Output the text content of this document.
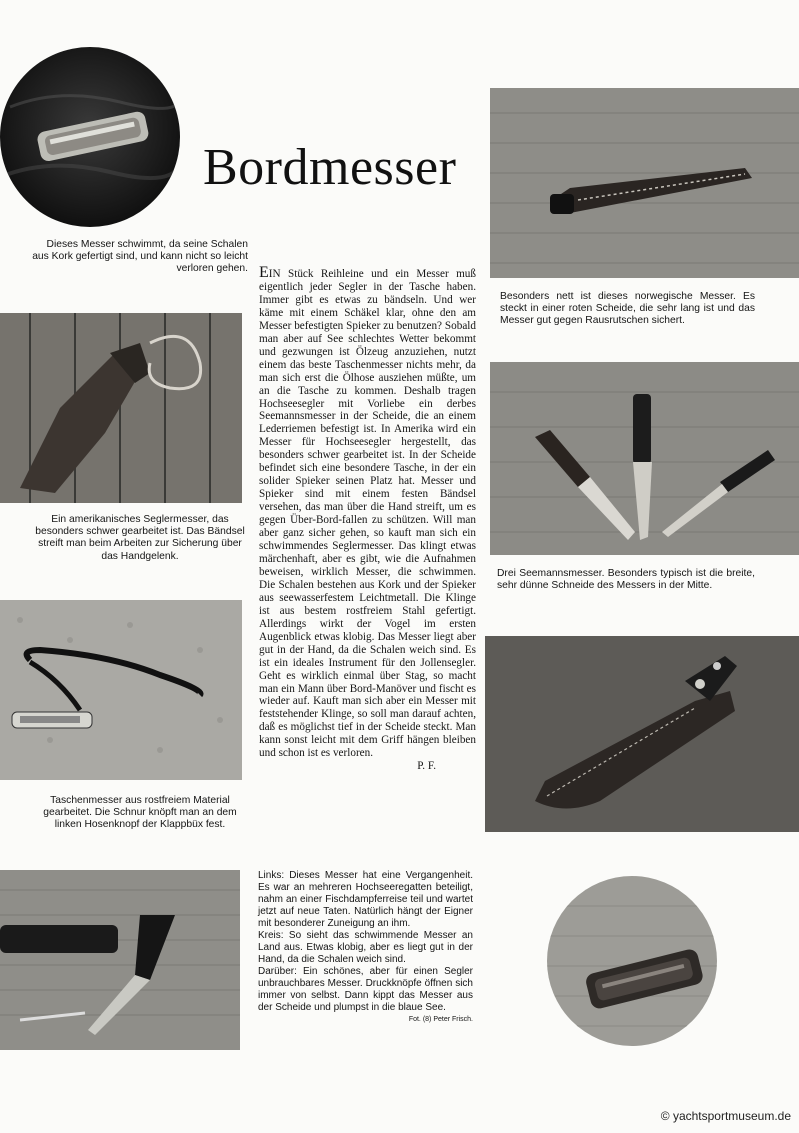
Bordmesser
Dieses Messer schwimmt, da seine Schalen aus Kork gefertigt sind, und kann nicht so leicht verloren gehen.
Ein amerikanisches Seglermesser, das besonders schwer gearbeitet ist. Das Bändsel streift man beim Arbeiten zur Sicherung über das Handgelenk.
Taschenmesser aus rostfreiem Material gearbeitet. Die Schnur knöpft man an dem linken Hosenknopf der Klappbüx fest.

EIN Stück Reihleine und ein Messer muß eigentlich jeder Segler in der Tasche haben. Immer gibt es etwas zu bändseln. Und wer käme mit einem Schäkel klar, ohne den am Messer befestigten Spieker zu benutzen? Sobald man aber auf See schlechtes Wetter bekommt und gezwungen ist Ölzeug anzuziehen, nutzt einem das beste Taschenmesser nichts mehr, da man sich erst die Ölhose ausziehen müßte, um an die Tasche zu kommen. Deshalb tragen Hochseesegler mit Vorliebe ein derbes Seemannsmesser in der Scheide, die an einem Lederriemen befestigt ist. In Amerika wird ein Messer für Hochseesegler hergestellt, das besonders schwer gearbeitet ist. In der Scheide befindet sich eine besondere Tasche, in der ein solider Spieker seinen Platz hat. Messer und Spieker sind mit einem festen Bändsel versehen, das man über die Hand streift, um es gegen Über-Bord-fallen zu schützen. Will man aber ganz sicher gehen, so kauft man sich ein schwimmendes Seglermesser. Das klingt etwas märchenhaft, aber es gibt, wie die Aufnahmen beweisen, wirklich Messer, die schwimmen. Die Schalen bestehen aus Kork und der Spieker aus seewasserfestem Leichtmetall. Die Klinge ist aus bestem rostfreiem Stahl gefertigt. Allerdings wirkt der Vogel im ersten Augenblick etwas klobig. Das Messer liegt aber gut in der Hand, da die Schalen weich sind. Es ist ein ideales Instrument für den Jollensegler. Geht es wirklich einmal über Stag, so macht man ein Mann über Bord-Manöver und fischt es wieder auf. Kauft man sich aber ein Messer mit feststehender Klinge, so soll man darauf achten, daß es möglichst tief in der Scheide steckt. Man kann sonst leicht mit dem Griff hängen bleiben und schon ist es verloren.

P. F.

Links: Dieses Messer hat eine Vergangenheit. Es war an mehreren Hochseeregatten beteiligt, nahm an einer Fischdampferreise teil und wartet jetzt auf neue Taten. Natürlich hängt der Eigner mit besonderer Zuneigung an ihm.

Kreis: So sieht das schwimmende Messer an Land aus. Etwas klobig, aber es liegt gut in der Hand, da die Schalen weich sind.

Darüber: Ein schönes, aber für einen Segler unbrauchbares Messer. Druckknöpfe öffnen sich immer von selbst. Dann kippt das Messer aus der Scheide und plumpst in die blaue See.

Fot. (8) Peter Frisch.

Besonders nett ist dieses norwegische Messer. Es steckt in einer roten Scheide, die sehr lang ist und das Messer gut gegen Rausrutschen sichert.
Drei Seemannsmesser. Besonders typisch ist die breite, sehr dünne Schneide des Messers in der Mitte.
© yachtsportmuseum.de
